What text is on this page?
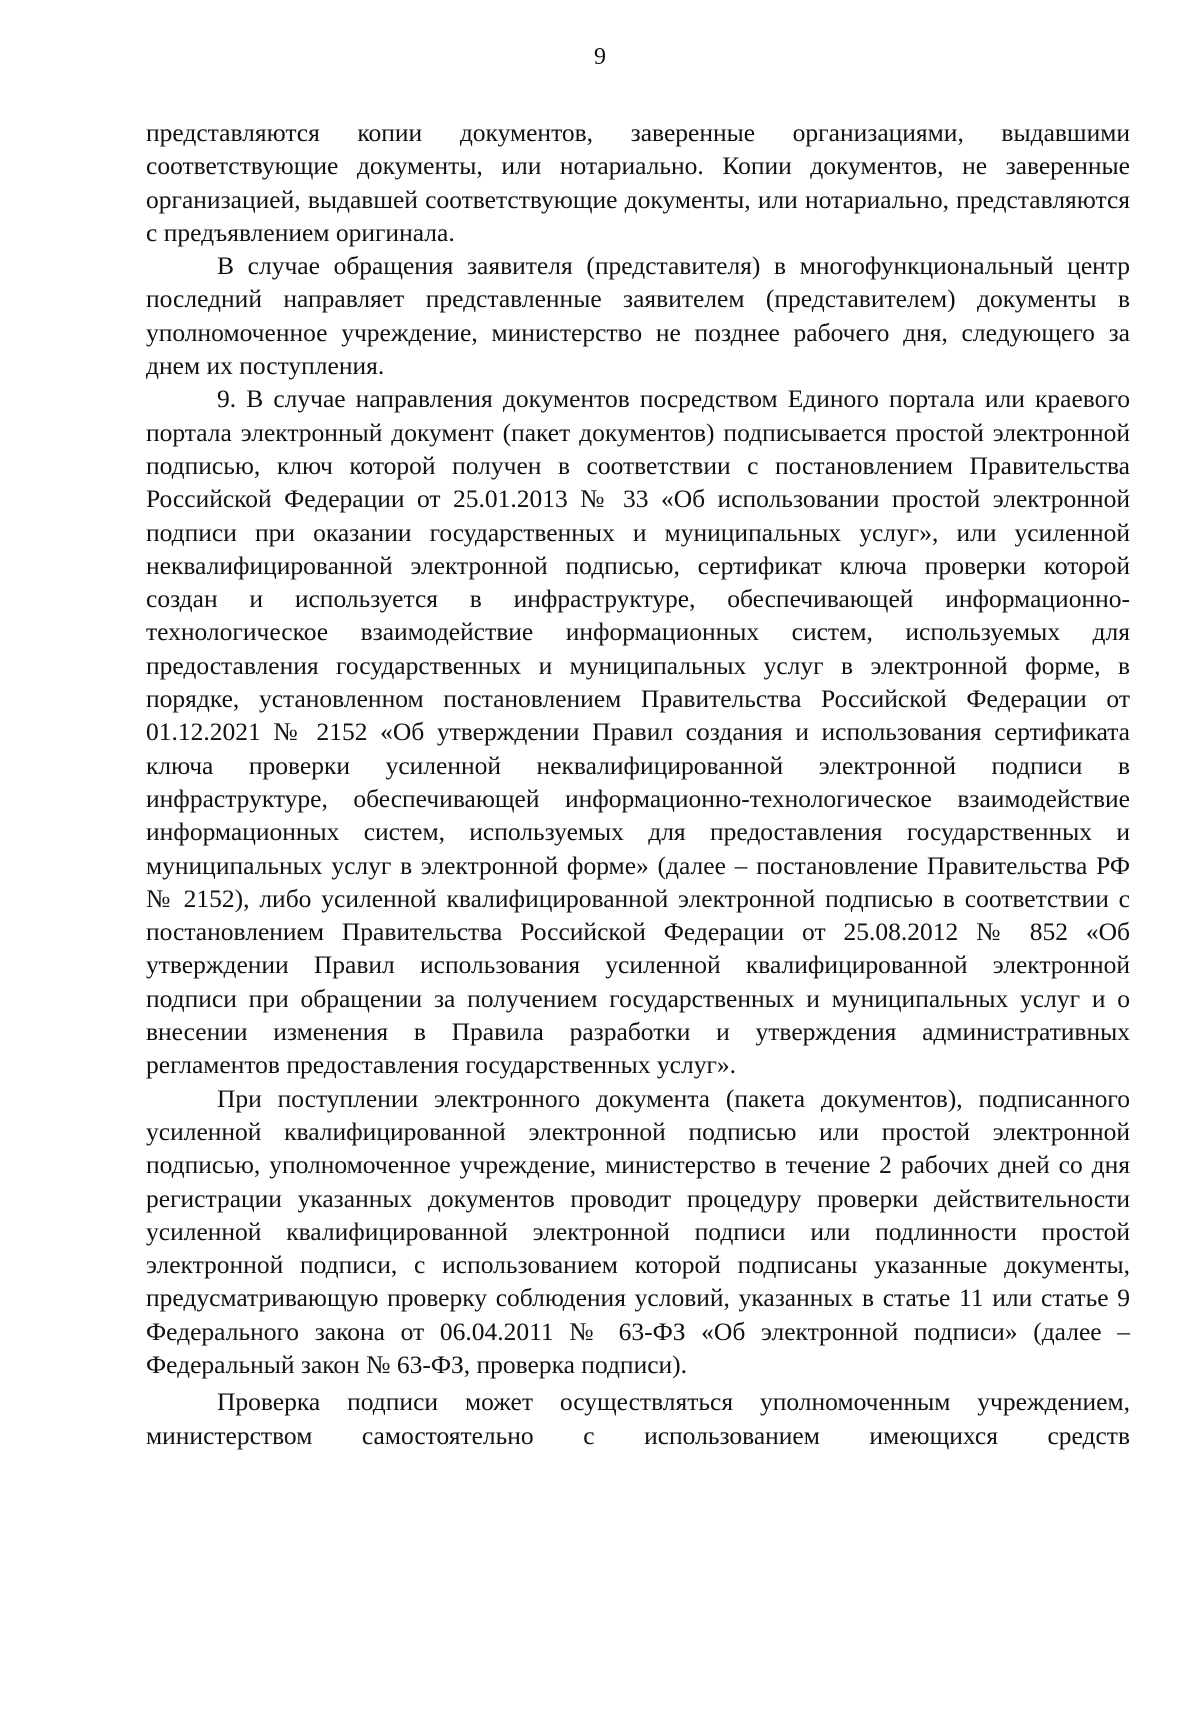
9

представляются копии документов, заверенные организациями, выдавшими соответствующие документы, или нотариально. Копии документов, не заверенные организацией, выдавшей соответствующие документы, или нотариально, представляются с предъявлением оригинала.

В случае обращения заявителя (представителя) в многофункциональный центр последний направляет представленные заявителем (представителем) документы в уполномоченное учреждение, министерство не позднее рабочего дня, следующего за днем их поступления.

9. В случае направления документов посредством Единого портала или краевого портала электронный документ (пакет документов) подписывается простой электронной подписью, ключ которой получен в соответствии с постановлением Правительства Российской Федерации от 25.01.2013 № 33 «Об использовании простой электронной подписи при оказании государственных и муниципальных услуг», или усиленной неквалифицированной электронной подписью, сертификат ключа проверки которой создан и используется в инфраструктуре, обеспечивающей информационно-технологическое взаимодействие информационных систем, используемых для предоставления государственных и муниципальных услуг в электронной форме, в порядке, установленном постановлением Правительства Российской Федерации от 01.12.2021 № 2152 «Об утверждении Правил создания и использования сертификата ключа проверки усиленной неквалифицированной электронной подписи в инфраструктуре, обеспечивающей информационно-технологическое взаимодействие информационных систем, используемых для предоставления государственных и муниципальных услуг в электронной форме» (далее – постановление Правительства РФ № 2152), либо усиленной квалифицированной электронной подписью в соответствии с постановлением Правительства Российской Федерации от 25.08.2012 № 852 «Об утверждении Правил использования усиленной квалифицированной электронной подписи при обращении за получением государственных и муниципальных услуг и о внесении изменения в Правила разработки и утверждения административных регламентов предоставления государственных услуг».

При поступлении электронного документа (пакета документов), подписанного усиленной квалифицированной электронной подписью или простой электронной подписью, уполномоченное учреждение, министерство в течение 2 рабочих дней со дня регистрации указанных документов проводит процедуру проверки действительности усиленной квалифицированной электронной подписи или подлинности простой электронной подписи, с использованием которой подписаны указанные документы, предусматривающую проверку соблюдения условий, указанных в статье 11 или статье 9 Федерального закона от 06.04.2011 № 63-ФЗ «Об электронной подписи» (далее – Федеральный закон № 63-ФЗ, проверка подписи).

Проверка подписи может осуществляться уполномоченным учреждением, министерством самостоятельно с использованием имеющихся средств
